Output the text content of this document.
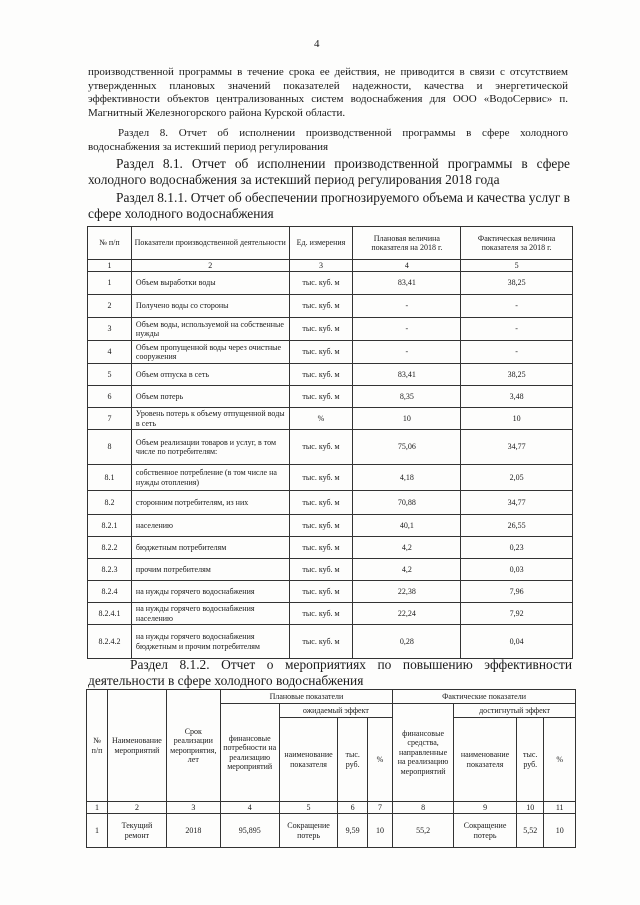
4
производственной программы в течение срока ее действия, не приводится в связи с отсутствием утвержденных плановых значений показателей надежности, качества и энергетической эффективности объектов централизованных систем водоснабжения для ООО «ВодоСервис» п. Магнитный Железногорского района Курской области.
Раздел 8. Отчет об исполнении производственной программы в сфере холодного водоснабжения за истекший период регулирования
Раздел 8.1. Отчет об исполнении производственной программы в сфере холодного водоснабжения за истекший период регулирования 2018 года
Раздел 8.1.1. Отчет об обеспечении прогнозируемого объема и качества услуг в сфере холодного водоснабжения
№ п/п	Показатели производственной деятельности	Ед. измерения	Плановая величина показателя на 2018 г.	Фактическая величина показателя за 2018 г.
1	2	3	4	5
1	Объем выработки воды	тыс. куб. м	83,41	38,25
2	Получено воды со стороны	тыс. куб. м	-	-
3	Объем воды, используемой на собственные нужды	тыс. куб. м	-	-
4	Объем пропущенной воды через очистные сооружения	тыс. куб. м	-	-
5	Объем отпуска в сеть	тыс. куб. м	83,41	38,25
6	Объем потерь	тыс. куб. м	8,35	3,48
7	Уровень потерь к объему отпущенной воды в сеть	%	10	10
8	Объем реализации товаров и услуг, в том числе по потребителям:	тыс. куб. м	75,06	34,77
8.1	собственное потребление (в том числе на нужды отопления)	тыс. куб. м	4,18	2,05
8.2	сторонним потребителям, из них	тыс. куб. м	70,88	34,77
8.2.1	населению	тыс. куб. м	40,1	26,55
8.2.2	бюджетным потребителям	тыс. куб. м	4,2	0,23
8.2.3	прочим потребителям	тыс. куб. м	4,2	0,03
8.2.4	на нужды горячего водоснабжения	тыс. куб. м	22,38	7,96
8.2.4.1	на нужды горячего водоснабжения населению	тыс. куб. м	22,24	7,92
8.2.4.2	на нужды горячего водоснабжения бюджетным и прочим потребителям	тыс. куб. м	0,28	0,04
Раздел 8.1.2. Отчет о мероприятиях по повышению эффективности деятельности в сфере холодного водоснабжения
№ п/п	Наименование мероприятий	Срок реализации мероприятия, лет	Плановые показатели				Фактические показатели			
			финансовые потребности на реализацию мероприятий	ожидаемый эффект			финансовые средства, направленные на реализацию мероприятий	достигнутый эффект		
				наименование показателя	тыс. руб.	%		наименование показателя	тыс. руб.	%
1	2	3	4	5	6	7	8	9	10	11
1	Текущий ремонт	2018	95,895	Сокращение потерь	9,59	10	55,2	Сокращение потерь	5,52	10
